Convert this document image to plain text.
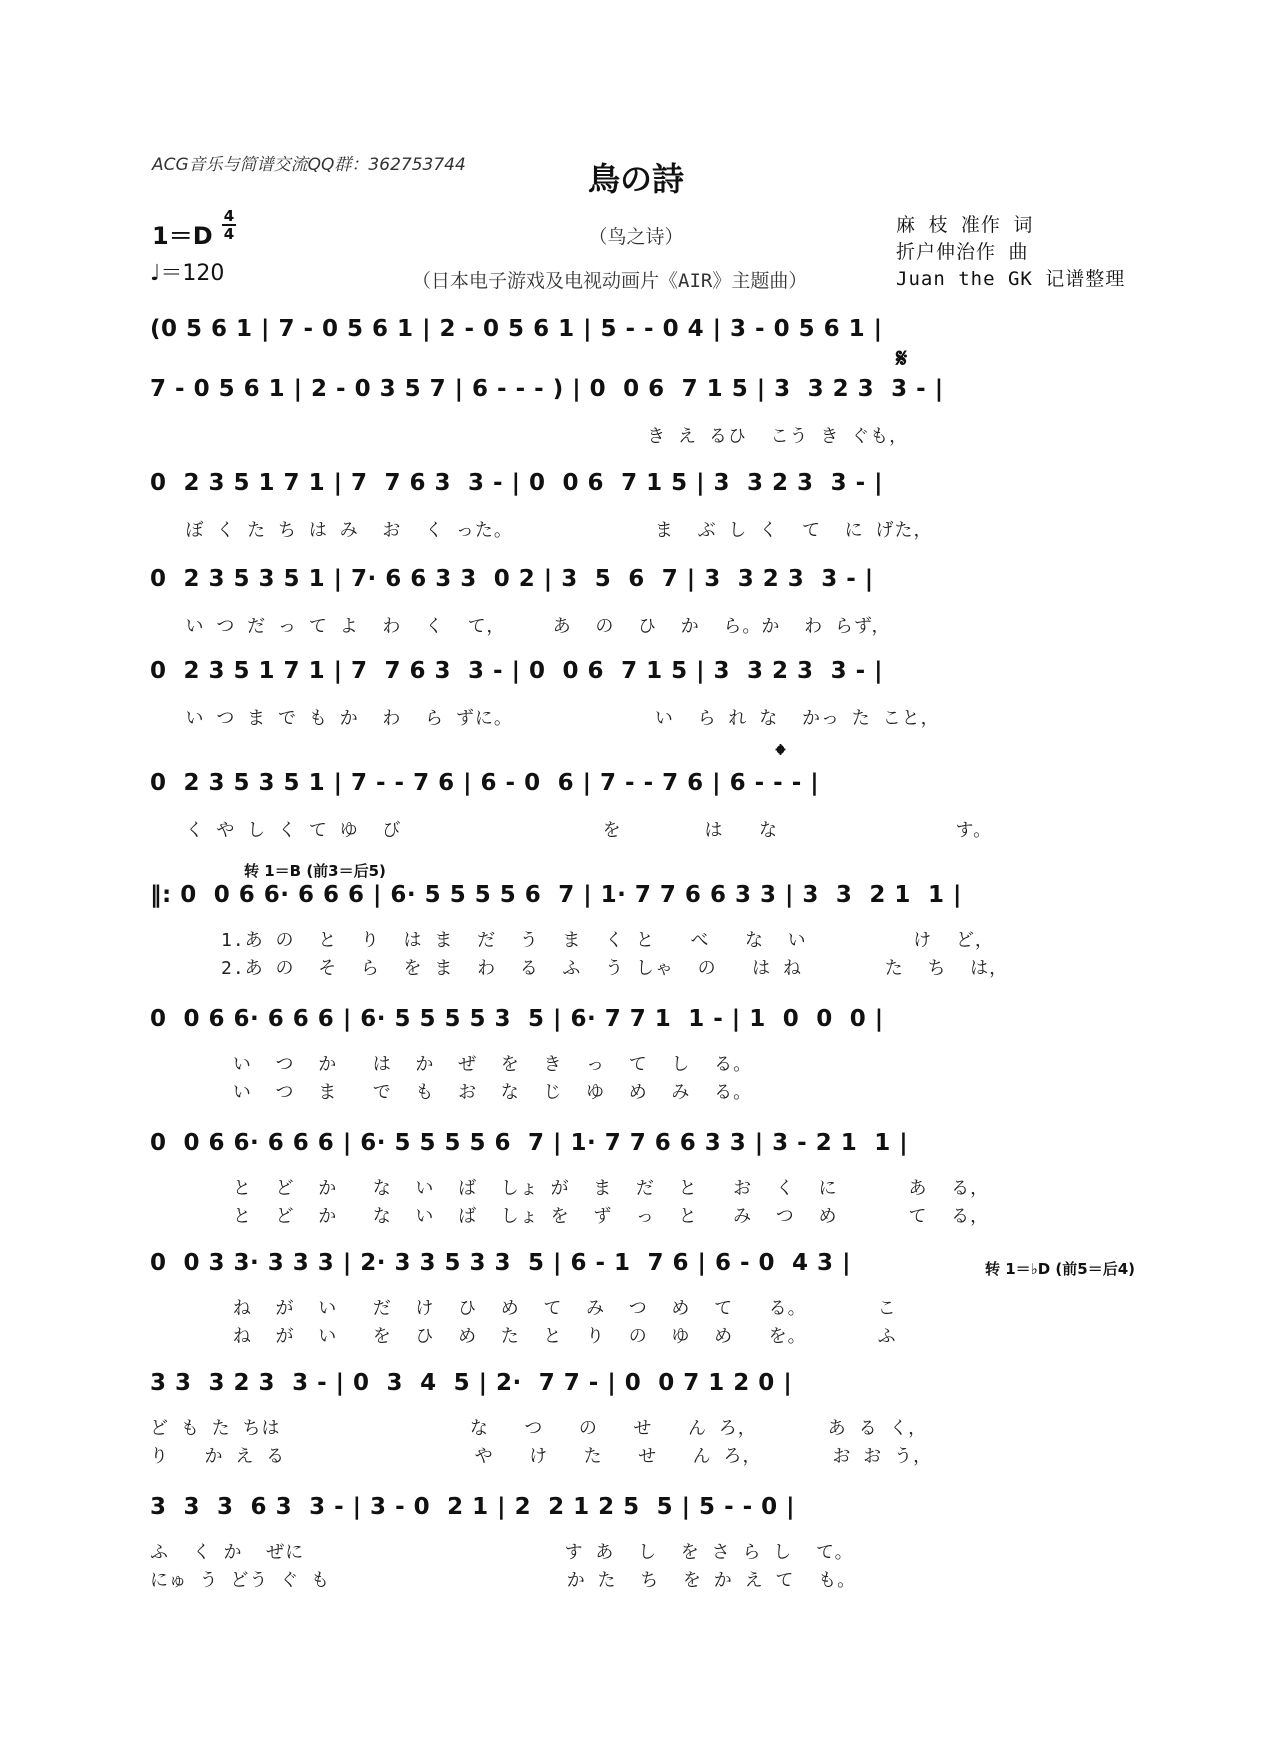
ACG音乐与简谱交流QQ群：362753744	鳥の詩
（鸟之诗）
（日本电子游戏及电视动画片《AIR》主题曲）
麻 枝 准作 词
折户伸治作 曲
Juan the GK 记谱整理
1＝D
4
4
♩＝120
转 1＝B (前3＝后5)
转 1＝♭D (前5＝后4)
𝄋
𝄌
(0 5 6 1 | 7 - 0 5 6 1 | 2 - 0 5 6 1 | 5 - - 0 4 | 3 - 0 5 6 1 |
7 - 0 5 6 1 | 2 - 0 3 5 7 | 6 - - - ) | 0  0 6  7 1 5 | 3  3 2 3  3 - |
き え るひ  こう き ぐも，
0  2 3 5 1 7 1 | 7  7 6 3  3 - | 0  0 6  7 1 5 | 3  3 2 3  3 - |
ぼ く た ち は み  お  く った。            ま  ぶ し く  て  に げた，
0  2 3 5 3 5 1 | 7· 6 6 3 3  0 2 | 3  5  6  7 | 3  3 2 3  3 - |
い つ だ っ て よ  わ  く  て，    あ  の  ひ  か  ら。か  わ らず，
0  2 3 5 1 7 1 | 7  7 6 3  3 - | 0  0 6  7 1 5 | 3  3 2 3  3 - |
い つ ま で も か  わ  ら ずに。            い  ら れ な  かっ た こと，
0  2 3 5 3 5 1 | 7 - - 7 6 | 6 - 0  6 | 7 - - 7 6 | 6 - - - |
く や し く て ゆ  び                 を       は   な               す。
‖: 0  0 6 6· 6 6 6 | 6· 5 5 5 5 6  7 | 1· 7 7 6 6 3 3 | 3  3  2 1  1 |
1.あ の  と  り  は ま  だ  う  ま  く と   べ   な  い         け  ど，
2.あ の  そ  ら  を ま  わ  る  ふ  う しゃ  の   は ね       た  ち  は，
0  0 6 6· 6 6 6 | 6· 5 5 5 5 3  5 | 6· 7 7 1  1 - | 1  0  0  0 |
い  つ  か   は  か  ぜ  を  き  っ  て  し  る。
い  つ  ま   で  も  お  な  じ  ゆ  め  み  る。
0  0 6 6· 6 6 6 | 6· 5 5 5 5 6  7 | 1· 7 7 6 6 3 3 | 3 - 2 1  1 |
と  ど  か   な  い  ば  しょ が  ま  だ  と   お  く  に      あ  る，
と  ど  か   な  い  ば  しょ を  ず  っ  と   み  つ  め      て  る，
0  0 3 3· 3 3 3 | 2· 3 3 5 3 3  5 | 6 - 1  7 6 | 6 - 0  4 3 |
ね  が  い   だ  け  ひ  め  て  み  つ  め  て   る。      こ
ね  が  い   を  ひ  め  た  と  り  の  ゆ  め   を。      ふ
3 3  3 2 3  3 - | 0  3  4  5 | 2·  7 7 - | 0  0 7 1 2 0 |
ど も た ちは                な   つ   の   せ   ん ろ，      あ る く，
り   か え る                や   け   た   せ   ん ろ，      お お う，
3  3  3  6 3  3 - | 3 - 0  2 1 | 2  2 1 2 5  5 | 5 - - 0 |
ふ  く か  ぜに                      す あ  し  を さ ら し  て。
にゅ う どう ぐ も                    か た  ち  を か え て  も。
